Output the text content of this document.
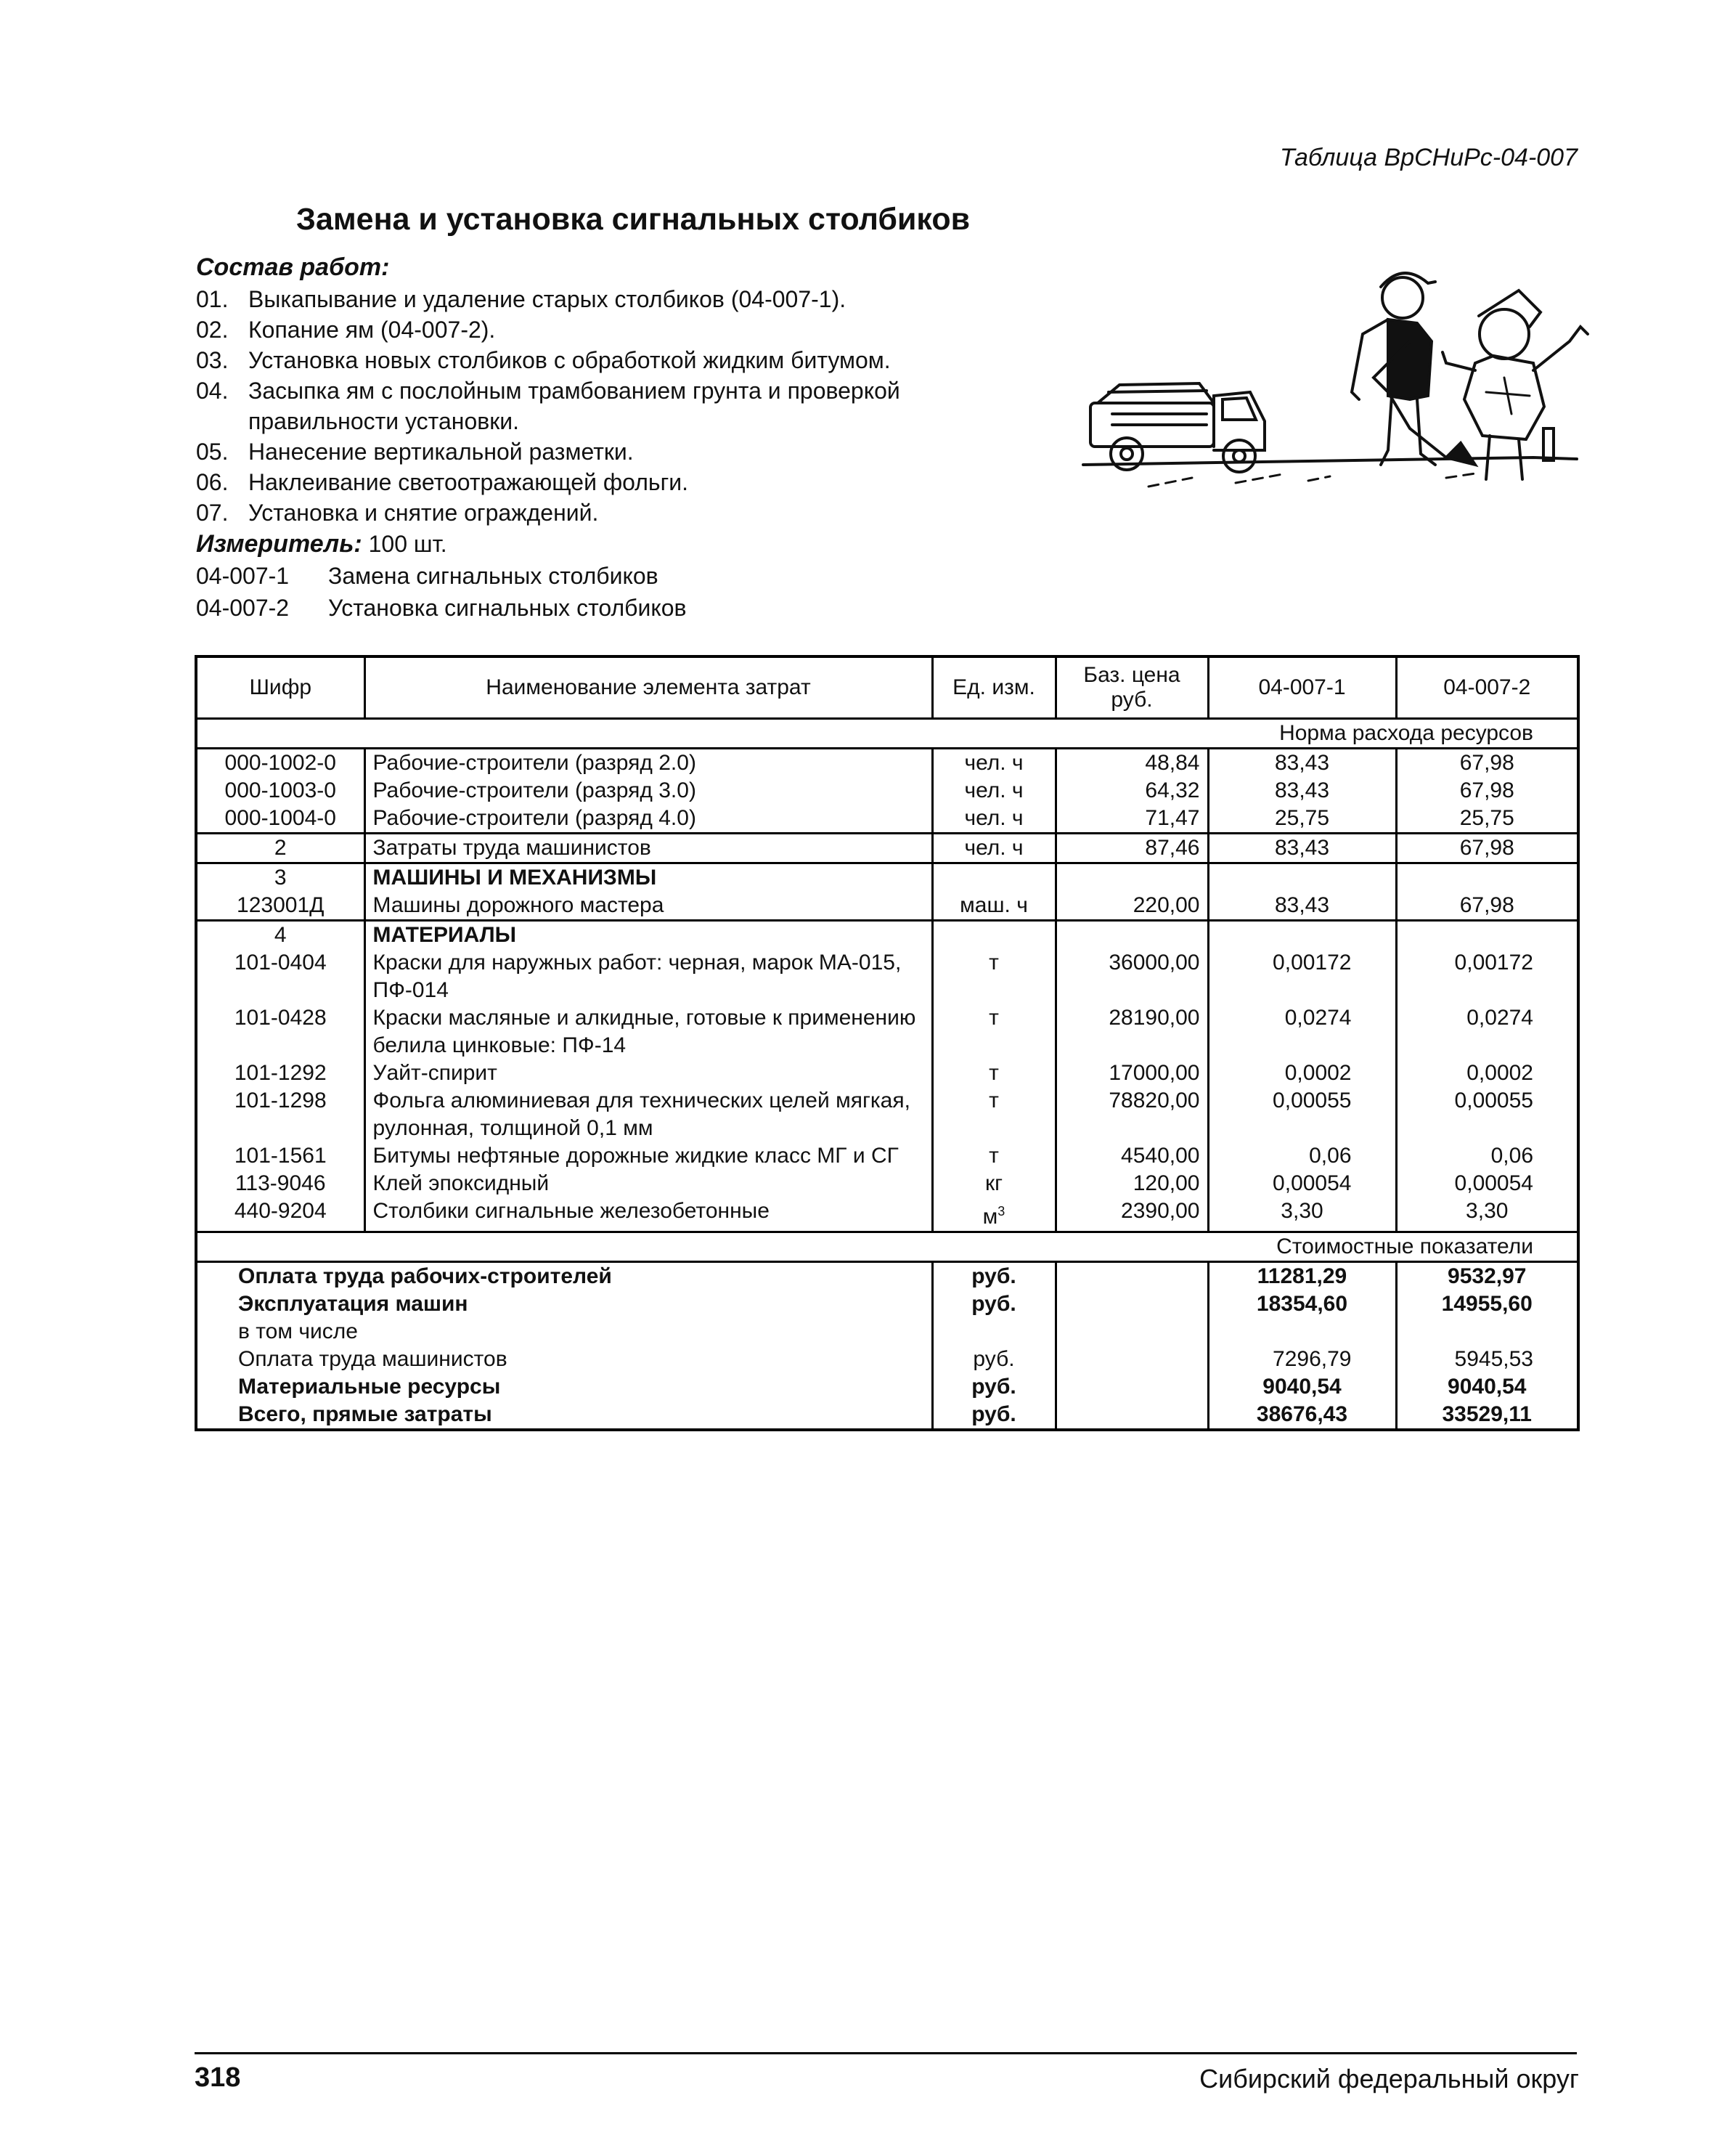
Таблица ВрСНиРс-04-007
Замена и установка сигнальных столбиков
Состав работ:
01. Выкапывание и удаление старых столбиков (04-007-1).
02. Копание ям (04-007-2).
03. Установка новых столбиков с обработкой жидким битумом.
04. Засыпка ям с послойным трамбованием грунта и проверкой правильности установки.
05. Нанесение вертикальной разметки.
06. Наклеивание светоотражающей фольги.
07. Установка и снятие ограждений.
Измеритель: 100 шт.
04-007-1 Замена сигнальных столбиков
04-007-2 Установка сигнальных столбиков
Шифр	Наименование элемента затрат	Ед. изм.	Баз. цена руб.	04-007-1	04-007-2
Норма расхода ресурсов					
000-1002-0	Рабочие-строители (разряд 2.0)	чел. ч	48,84	83,43	67,98
000-1003-0	Рабочие-строители (разряд 3.0)	чел. ч	64,32	83,43	67,98
000-1004-0	Рабочие-строители (разряд 4.0)	чел. ч	71,47	25,75	25,75
2	Затраты труда машинистов	чел. ч	87,46	83,43	67,98
3	МАШИНЫ И МЕХАНИЗМЫ				
123001Д	Машины дорожного мастера	маш. ч	220,00	83,43	67,98
4	МАТЕРИАЛЫ				
101-0404	Краски для наружных работ: черная, марок МА-015, ПФ-014	т	36000,00	0,00172	0,00172
101-0428	Краски масляные и алкидные, готовые к применению белила цинковые: ПФ-14	т	28190,00	0,0274	0,0274
101-1292	Уайт-спирит	т	17000,00	0,0002	0,0002
101-1298	Фольга алюминиевая для технических целей мягкая, рулонная, толщиной 0,1 мм	т	78820,00	0,00055	0,00055
101-1561	Битумы нефтяные дорожные жидкие класс МГ и СГ	т	4540,00	0,06	0,06
113-9046	Клей эпоксидный	кг	120,00	0,00054	0,00054
440-9204	Столбики сигнальные железобетонные	$м^3$	2390,00	3,30	3,30
Стоимостные показатели					
Оплата труда рабочих-строителей		руб.		11281,29	9532,97
Эксплуатация машин		руб.		18354,60	14955,60
в том числе					
Оплата труда машинистов		руб.		7296,79	5945,53
Материальные ресурсы		руб.		9040,54	9040,54
Всего, прямые затраты		руб.		38676,43	33529,11
318	Сибирский федеральный округ
